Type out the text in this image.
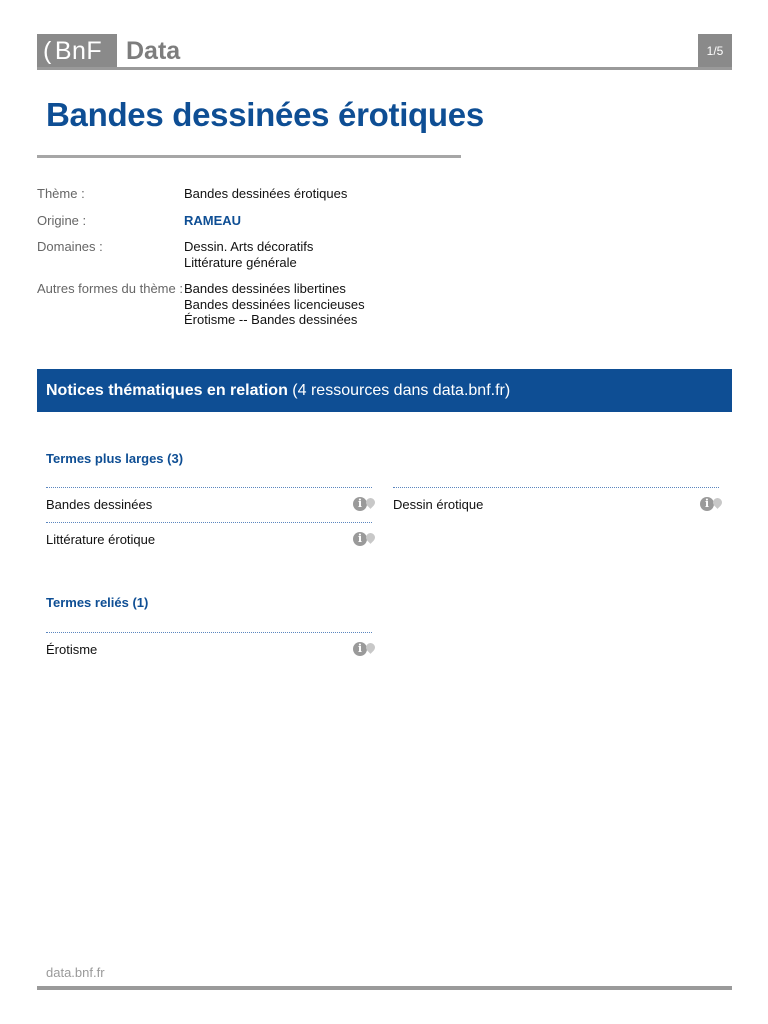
( BnF Data	1/5
Bandes dessinées érotiques
Thème :	Bandes dessinées érotiques
Origine :	RAMEAU
Domaines :	Dessin. Arts décoratifs
Littérature générale
Autres formes du thème : Bandes dessinées libertines
Bandes dessinées licencieuses
Érotisme -- Bandes dessinées
Notices thématiques en relation (4 ressources dans data.bnf.fr)
Termes plus larges (3)
Bandes dessinées	i
Littérature érotique	i
Dessin érotique	i
Termes reliés (1)
Érotisme	i
data.bnf.fr
